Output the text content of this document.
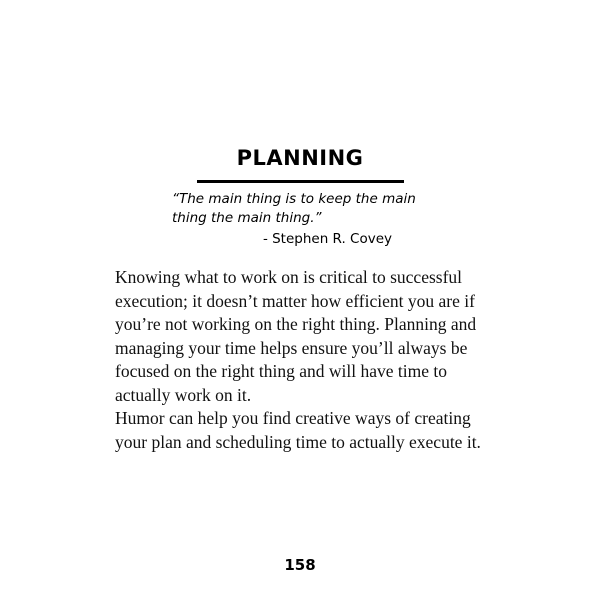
PLANNING
“The main thing is to keep the main thing the main thing.”
- Stephen R. Covey

Knowing what to work on is critical to successful execution; it doesn’t matter how efficient you are if you’re not working on the right thing. Planning and managing your time helps ensure you’ll always be focused on the right thing and will have time to actually work on it.

Humor can help you find creative ways of creating your plan and scheduling time to actually execute it.

158
